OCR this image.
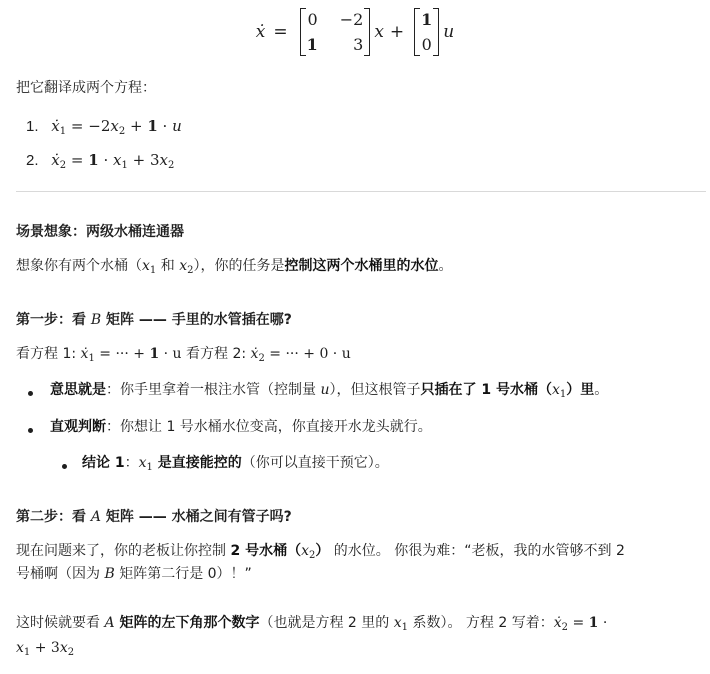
ẋ =
0 −2
1	3
x +
1
0
u
把它翻译成两个方程：
1. ẋ$_1$ = $-2x_2 + 1 \cdot u$
2. ẋ$_2$ = $1 \cdot x_1 + 3x_2$
场景想象：两级水桶连通器
想象你有两个水桶（$x_1$ 和 $x_2$），你的任务是控制这两个水桶里的水位。
第一步：看 B 矩阵 —— 手里的水管插在哪?
看方程 1: ẋ$_1$ = ··· + 1 · u 看方程 2: ẋ$_2$ = ··· + 0 · u
意思就是：你手里拿着一根注水管（控制量 u），但这根管子只插在了 1 号水桶$(x_1)$里。
直观判断：你想让 1 号水桶水位变高，你直接开水龙头就行。
结论 1：$x_1$ 是直接能控的（你可以直接干预它）。
第二步：看 A 矩阵 —— 水桶之间有管子吗?
现在问题来了，你的老板让你控制 2 号水桶$(x_2)$ 的水位。 你很为难：“老板，我的水管够不到 2
号桶啊（因为 B 矩阵第二行是 0）！”
这时候就要看 A 矩阵的左下角那个数字（也就是方程 2 里的 $x_1$ 系数）。 方程 2 写着：ẋ$_2$ = 1 ·
$x_1 + 3x_2$
